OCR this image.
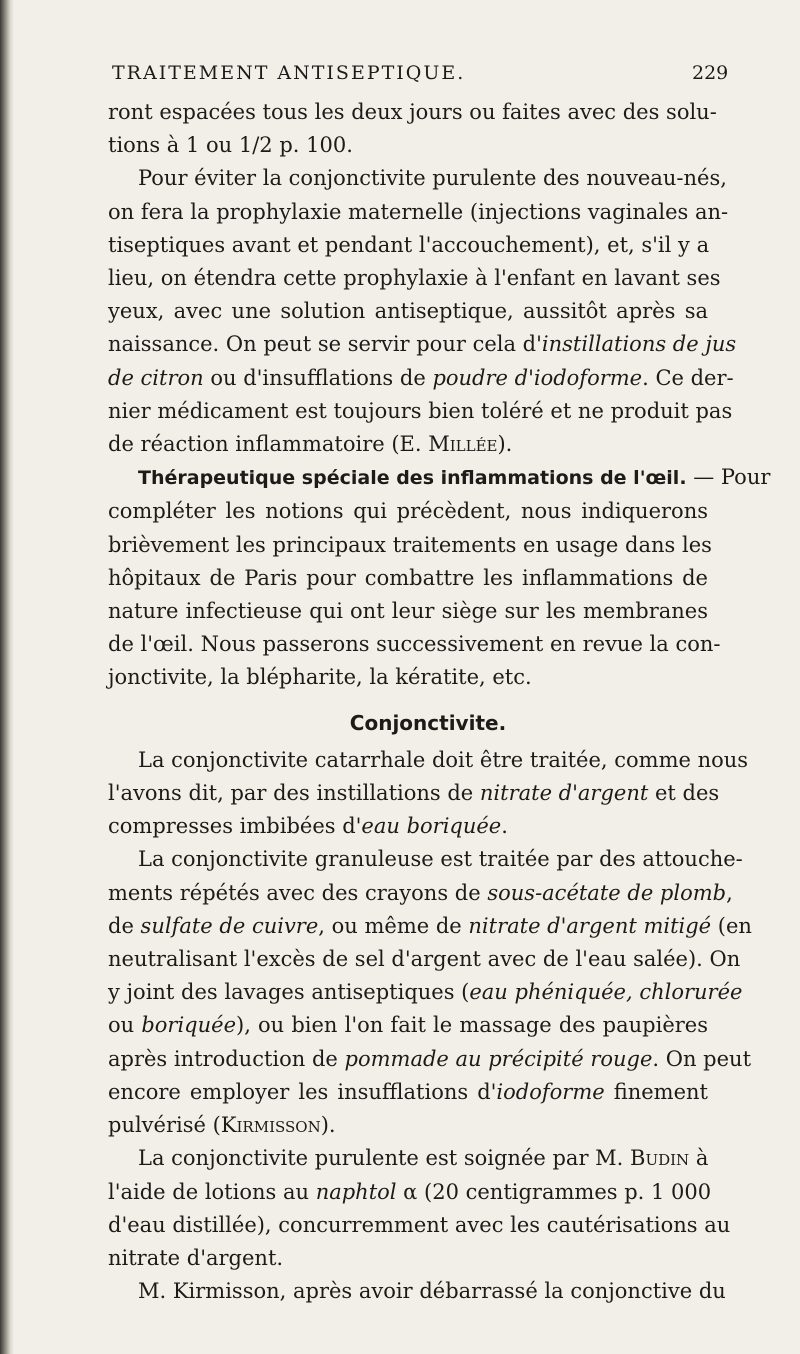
TRAITEMENT ANTISEPTIQUE.	229

ront espacées tous les deux jours ou faites avec des solu-
tions à 1 ou 1/2 p. 100.

Pour éviter la conjonctivite purulente des nouveau-nés,
on fera la prophylaxie maternelle (injections vaginales an-
tiseptiques avant et pendant l'accouchement), et, s'il y a
lieu, on étendra cette prophylaxie à l'enfant en lavant ses
yeux, avec une solution antiseptique, aussitôt après sa
naissance. On peut se servir pour cela d'instillations de jus
de citron ou d'insufflations de poudre d'iodoforme. Ce der-
nier médicament est toujours bien toléré et ne produit pas
de réaction inflammatoire (E. Millée).

Thérapeutique spéciale des inflammations de l'œil. — Pour
compléter les notions qui précèdent, nous indiquerons
brièvement les principaux traitements en usage dans les
hôpitaux de Paris pour combattre les inflammations de
nature infectieuse qui ont leur siège sur les membranes
de l'œil. Nous passerons successivement en revue la con-
jonctivite, la blépharite, la kératite, etc.

Conjonctivite.

La conjonctivite catarrhale doit être traitée, comme nous
l'avons dit, par des instillations de nitrate d'argent et des
compresses imbibées d'eau boriquée.

La conjonctivite granuleuse est traitée par des attouche-
ments répétés avec des crayons de sous-acétate de plomb,
de sulfate de cuivre, ou même de nitrate d'argent mitigé (en
neutralisant l'excès de sel d'argent avec de l'eau salée). On
y joint des lavages antiseptiques (eau phéniquée, chlorurée
ou boriquée), ou bien l'on fait le massage des paupières
après introduction de pommade au précipité rouge. On peut
encore employer les insufflations d'iodoforme finement
pulvérisé (Kirmisson).

La conjonctivite purulente est soignée par M. Budin à
l'aide de lotions au naphtol α (20 centigrammes p. 1 000
d'eau distillée), concurremment avec les cautérisations au
nitrate d'argent.

M. Kirmisson, après avoir débarrassé la conjonctive du
